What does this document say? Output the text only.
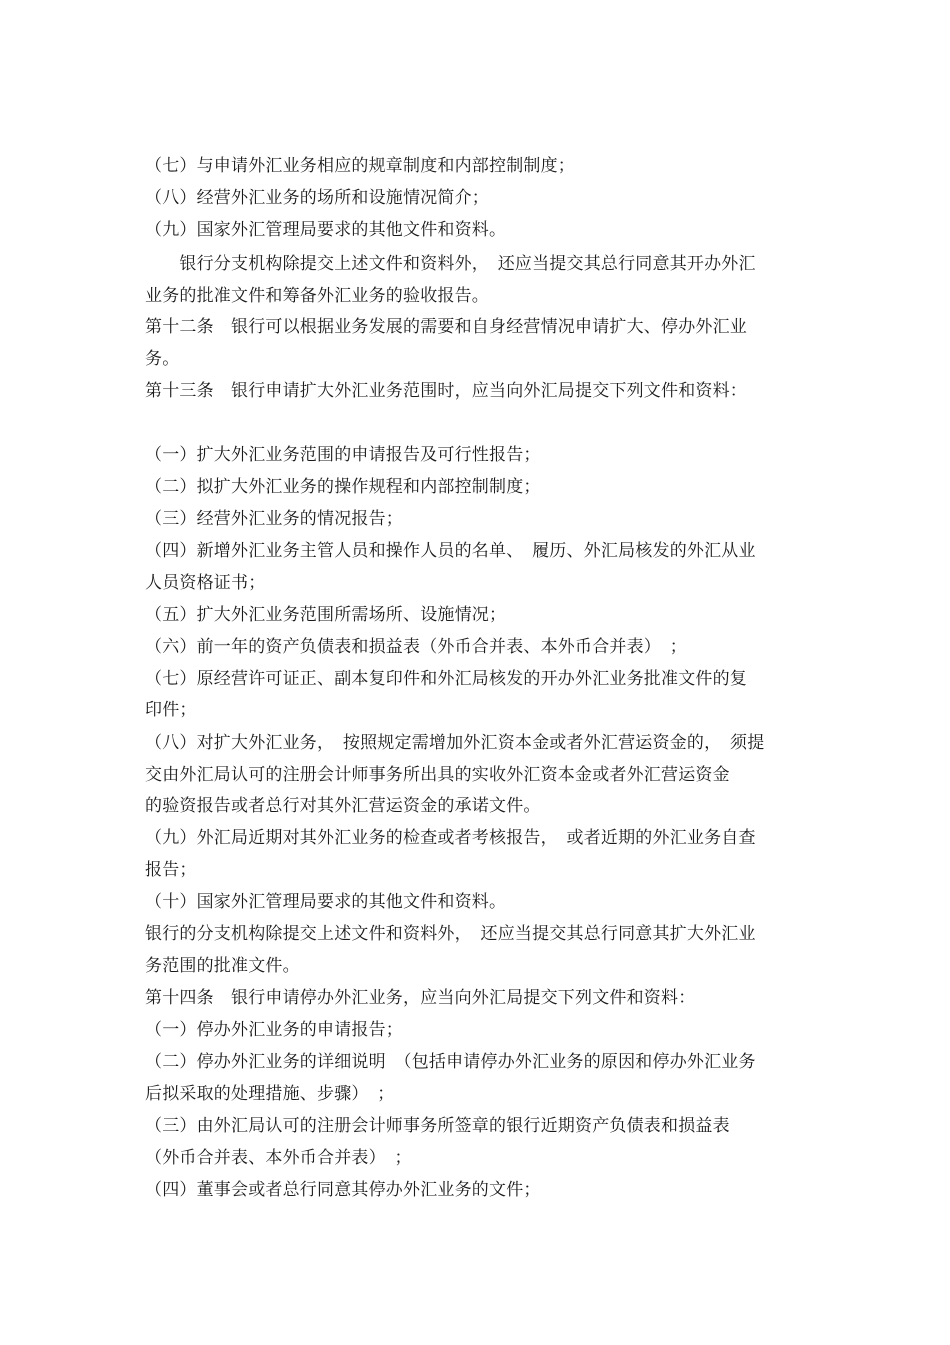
（七）与申请外汇业务相应的规章制度和内部控制制度；
（八）经营外汇业务的场所和设施情况简介；
（九）国家外汇管理局要求的其他文件和资料。
　　银行分支机构除提交上述文件和资料外，　还应当提交其总行同意其开办外汇
业务的批准文件和筹备外汇业务的验收报告。
第十二条　银行可以根据业务发展的需要和自身经营情况申请扩大、停办外汇业
务。
第十三条　银行申请扩大外汇业务范围时，应当向外汇局提交下列文件和资料：
（一）扩大外汇业务范围的申请报告及可行性报告；
（二）拟扩大外汇业务的操作规程和内部控制制度；
（三）经营外汇业务的情况报告；
（四）新增外汇业务主管人员和操作人员的名单、　履历、外汇局核发的外汇从业
人员资格证书；
（五）扩大外汇业务范围所需场所、设施情况；
（六）前一年的资产负债表和损益表（外币合并表、本外币合并表）　；
（七）原经营许可证正、副本复印件和外汇局核发的开办外汇业务批准文件的复
印件；
（八）对扩大外汇业务，　按照规定需增加外汇资本金或者外汇营运资金的，　须提
交由外汇局认可的注册会计师事务所出具的实收外汇资本金或者外汇营运资金
的验资报告或者总行对其外汇营运资金的承诺文件。
（九）外汇局近期对其外汇业务的检查或者考核报告，　或者近期的外汇业务自查
报告；
（十）国家外汇管理局要求的其他文件和资料。
银行的分支机构除提交上述文件和资料外，　还应当提交其总行同意其扩大外汇业
务范围的批准文件。
第十四条　银行申请停办外汇业务，应当向外汇局提交下列文件和资料：
（一）停办外汇业务的申请报告；
（二）停办外汇业务的详细说明　（包括申请停办外汇业务的原因和停办外汇业务
后拟采取的处理措施、步骤）　；
（三）由外汇局认可的注册会计师事务所签章的银行近期资产负债表和损益表
（外币合并表、本外币合并表）　；
（四）董事会或者总行同意其停办外汇业务的文件；
